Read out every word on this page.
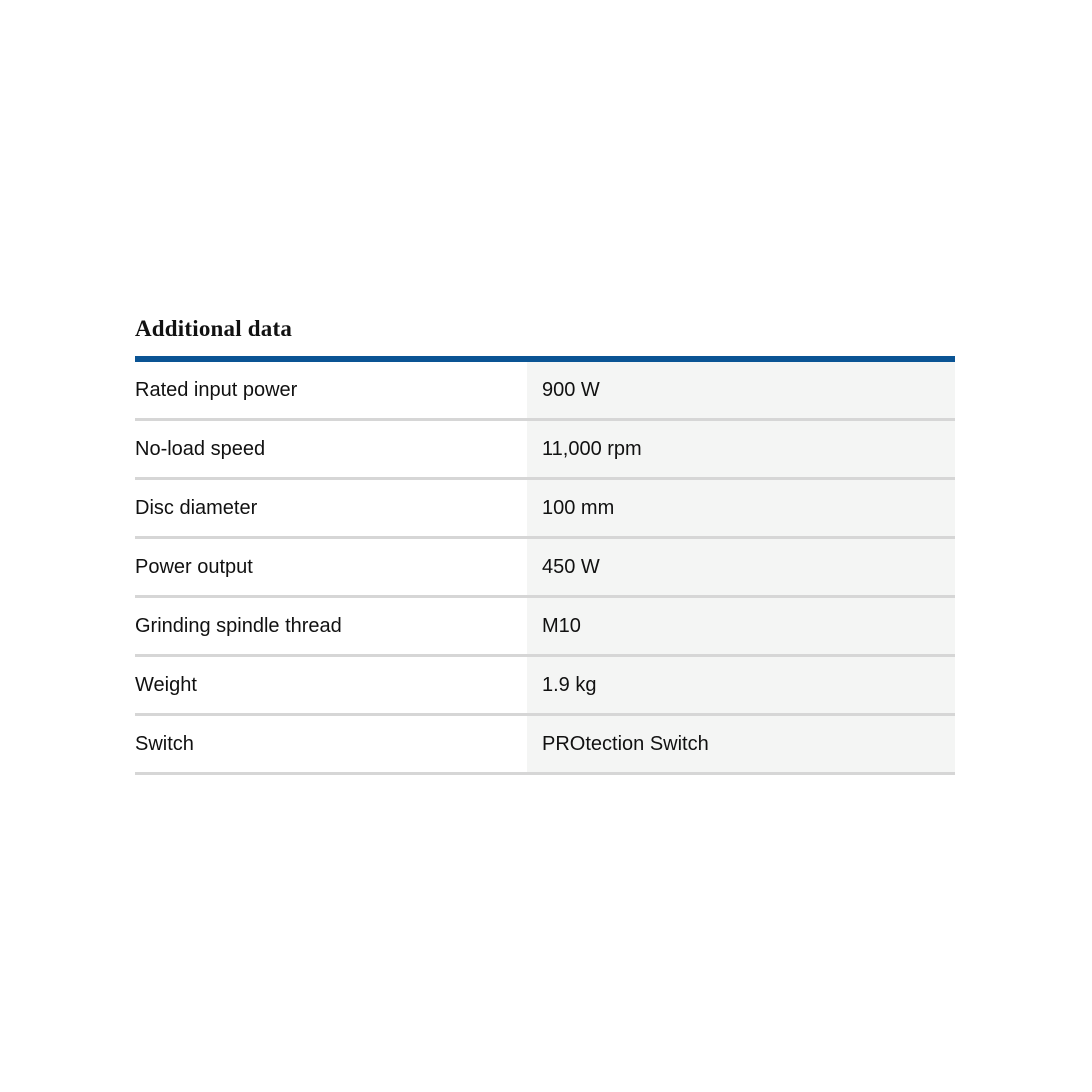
Additional data
Rated input power	900 W
No-load speed	11,000 rpm
Disc diameter	100 mm
Power output	450 W
Grinding spindle thread	M10
Weight	1.9 kg
Switch	PROtection Switch
